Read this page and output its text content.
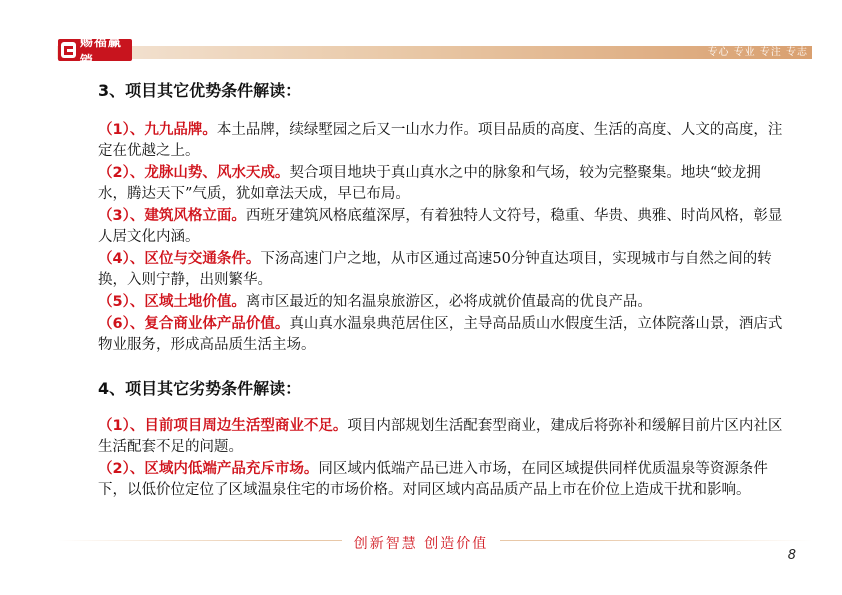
赐福赢销
专心 专业 专注 专志
3、项目其它优势条件解读：
（1）、九九品牌。本土品牌，续绿墅园之后又一山水力作。项目品质的高度、生活的高度、人文的高度，注定在优越之上。
（2）、龙脉山势、风水天成。契合项目地块于真山真水之中的脉象和气场，较为完整聚集。地块“蛟龙拥水，腾达天下”气质，犹如章法天成，早已布局。
（3）、建筑风格立面。西班牙建筑风格底蕴深厚，有着独特人文符号，稳重、华贵、典雅、时尚风格，彰显人居文化内涵。
（4）、区位与交通条件。下汤高速门户之地，从市区通过高速50分钟直达项目，实现城市与自然之间的转换，入则宁静，出则繁华。
（5）、区域土地价值。离市区最近的知名温泉旅游区，必将成就价值最高的优良产品。
（6）、复合商业体产品价值。真山真水温泉典范居住区，主导高品质山水假度生活，立体院落山景，酒店式物业服务，形成高品质生活主场。
4、项目其它劣势条件解读：
（1）、目前项目周边生活型商业不足。项目内部规划生活配套型商业，建成后将弥补和缓解目前片区内社区生活配套不足的问题。
（2）、区域内低端产品充斥市场。同区域内低端产品已进入市场，在同区域提供同样优质温泉等资源条件下，以低价位定位了区域温泉住宅的市场价格。对同区域内高品质产品上市在价位上造成干扰和影响。
创新智慧 创造价值
8
